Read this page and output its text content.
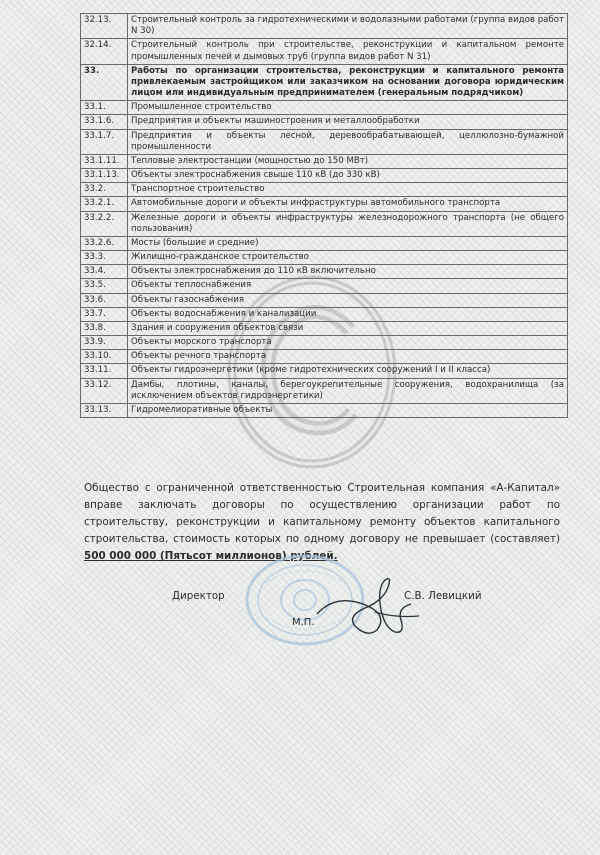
32.13.	Строительный контроль за гидротехническими и водолазными работами (группа видов работ N 30)
32.14.	Строительный контроль при строительстве, реконструкции и капитальном ремонте промышленных печей и дымовых труб (группа видов работ N 31)
33.	Работы по организации строительства, реконструкции и капитального ремонта привлекаемым застройщиком или заказчиком на основании договора юридическим лицом или индивидуальным предпринимателем (генеральным подрядчиком)
33.1.	Промышленное строительство
33.1.6.	Предприятия и объекты машиностроения и металлообработки
33.1.7.	Предприятия и объекты лесной, деревообрабатывающей, целлюлозно-бумажной промышленности
33.1.11.	Тепловые электростанции (мощностью до 150 МВт)
33.1.13.	Объекты электроснабжения свыше 110 кВ (до 330 кВ)
33.2.	Транспортное строительство
33.2.1.	Автомобильные дороги и объекты инфраструктуры автомобильного транспорта
33.2.2.	Железные дороги и объекты инфраструктуры железнодорожного транспорта (не общего пользования)
33.2.6.	Мосты (большие и средние)
33.3.	Жилищно-гражданское строительство
33.4.	Объекты электроснабжения до 110 кВ включительно
33.5.	Объекты теплоснабжения
33.6.	Объекты газоснабжения
33.7.	Объекты водоснабжения и канализации
33.8.	Здания и сооружения объектов связи
33.9.	Объекты морского транспорта
33.10.	Объекты речного транспорта
33.11.	Объекты гидроэнергетики (кроме гидротехнических сооружений I и II класса)
33.12.	Дамбы, плотины, каналы, берегоукрепительные сооружения, водохранилища (за исключением объектов гидроэнергетики)
33.13.	Гидромелиоративные объекты
Общество с ограниченной ответственностью Строительная компания «А-Капитал» вправе заключать договоры по осуществлению организации работ по строительству, реконструкции и капитальному ремонту объектов капитального строительства, стоимость которых по одному договору не превышает (составляет) 500 000 000 (Пятьсот миллионов) рублей.
Директор	С.В. Левицкий
М.П.
